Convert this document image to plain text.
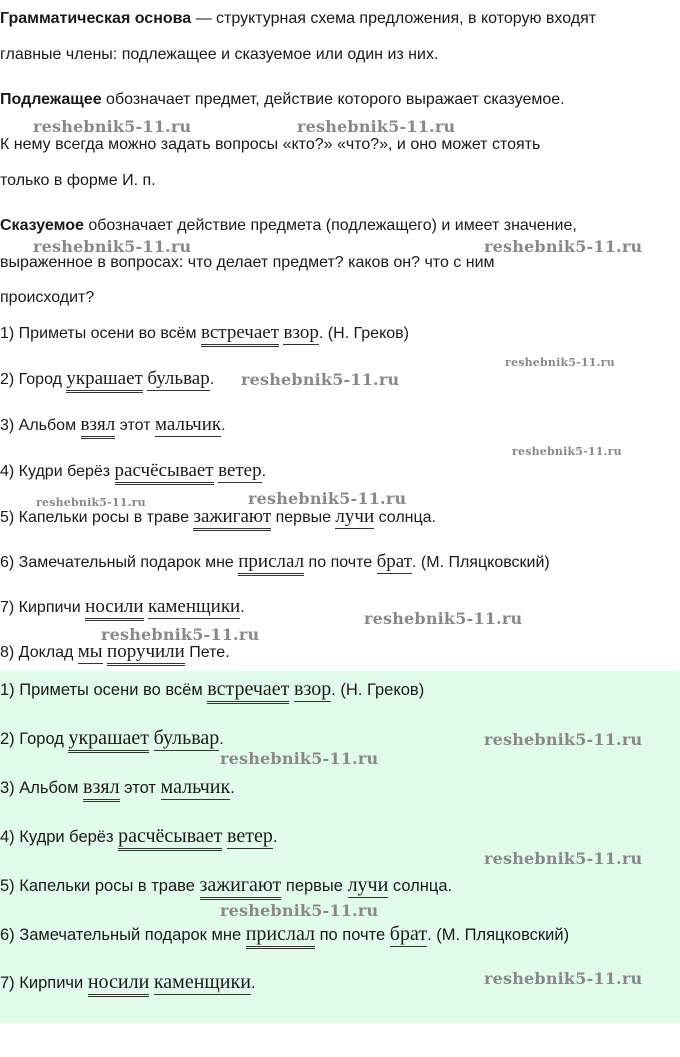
Грамматическая основа — структурная схема предложения, в которую входят
главные члены: подлежащее и сказуемое или один из них.
Подлежащее обозначает предмет, действие которого выражает сказуемое.
К нему всегда можно задать вопросы «кто?» «что?», и оно может стоять
только в форме И. п.
Сказуемое обозначает действие предмета (подлежащего) и имеет значение,
выраженное в вопросах: что делает предмет? каков он? что с ним
происходит?
1) Приметы осени во всём встречает взор. (Н. Греков)
2) Город украшает бульвар.
3) Альбом взял этот мальчик.
4) Кудри берёз расчёсывает ветер.
5) Капельки росы в траве зажигают первые лучи солнца.
6) Замечательный подарок мне прислал по почте брат. (М. Пляцковский)
7) Кирпичи носили каменщики.
8) Доклад мы поручили Пете.
1) Приметы осени во всём встречает взор. (Н. Греков)
2) Город украшает бульвар.
3) Альбом взял этот мальчик.
4) Кудри берёз расчёсывает ветер.
5) Капельки росы в траве зажигают первые лучи солнца.
6) Замечательный подарок мне прислал по почте брат. (М. Пляцковский)
7) Кирпичи носили каменщики.
reshebnik5-11.ru	reshebnik5-11.ru
reshebnik5-11.ru	reshebnik5-11.ru
reshebnik5-11.ru
reshebnik5-11.ru
reshebnik5-11.ru
reshebnik5-11.ru	reshebnik5-11.ru
reshebnik5-11.ru
reshebnik5-11.ru
reshebnik5-11.ru
reshebnik5-11.ru
reshebnik5-11.ru
reshebnik5-11.ru
reshebnik5-11.ru
